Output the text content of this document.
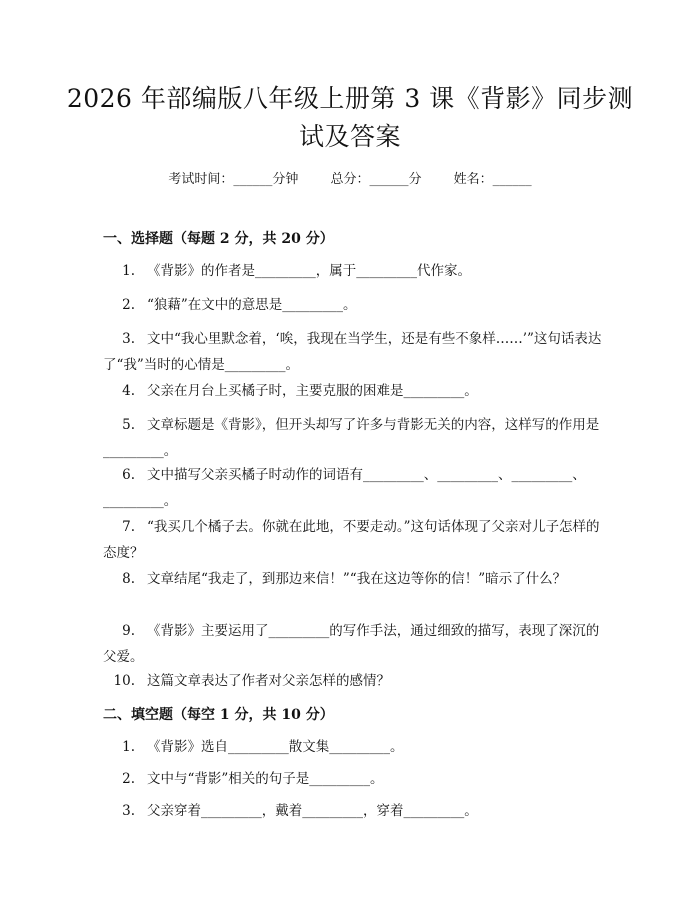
2026 年部编版八年级上册第 3 课《背影》同步测试及答案
考试时间：______分钟 总分：______分 姓名：______
一、选择题（每题 2 分，共 20 分）
1. 《背影》的作者是_________，属于_________代作家。
2. “狼藉”在文中的意思是_________。
3. 文中“我心里默念着，‘唉，我现在当学生，还是有些不象样……’”这句话表达了“我”当时的心情是_________。
4. 父亲在月台上买橘子时，主要克服的困难是_________。
5. 文章标题是《背影》，但开头却写了许多与背影无关的内容，这样写的作用是_________。
6. 文中描写父亲买橘子时动作的词语有_________、_________、_________、_________。
7. “我买几个橘子去。你就在此地，不要走动。”这句话体现了父亲对儿子怎样的态度？
8. 文章结尾“我走了，到那边来信！”“我在这边等你的信！”暗示了什么？
9. 《背影》主要运用了_________的写作手法，通过细致的描写，表现了深沉的父爱。
10. 这篇文章表达了作者对父亲怎样的感情？
二、填空题（每空 1 分，共 10 分）
1. 《背影》选自_________散文集_________。
2. 文中与“背影”相关的句子是_________。
3. 父亲穿着_________，戴着_________，穿着_________。
